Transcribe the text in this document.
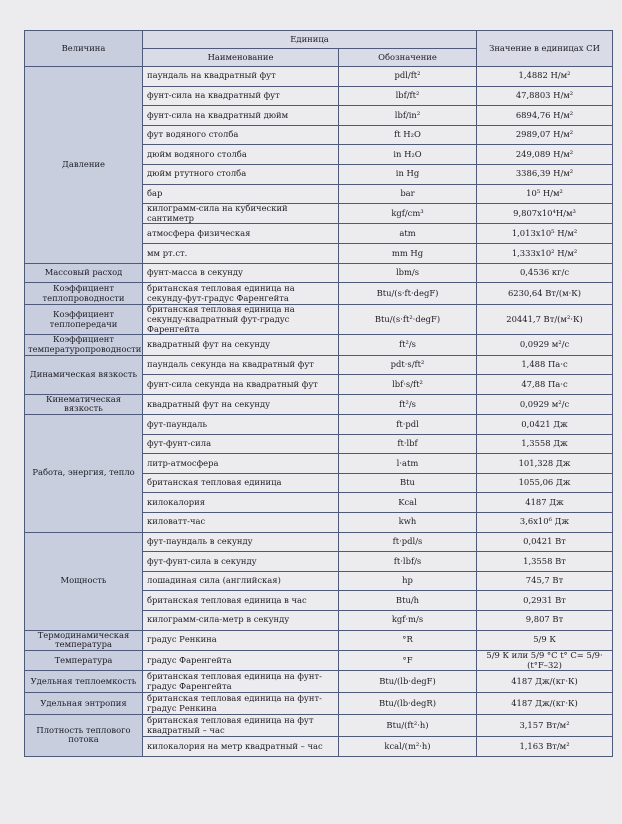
Величина	Единица		Значение в единицах СИ
	Наименование	Обозначение	
Давление	паундаль на квадратный фут	pdl/ft²	1,4882 Н/м²
	фунт-сила на квадратный фут	lbf/ft²	47,8803 Н/м²
	фунт-сила на квадратный дюйм	lbf/in²	6894,76 Н/м²
	фут водяного столба	ft H₂O	2989,07 Н/м²
	дюйм водяного столба	in H₂O	249,089 Н/м²
	дюйм ртутного столба	in Hg	3386,39 Н/м²
	бар	bar	10⁵ Н/м²
	килограмм-сила на кубический сантиметр	kgf/cm³	9,807x10⁴Н/м³
	атмосфера физическая	atm	1,013x10⁵ Н/м²
	мм рт.ст.	mm Hg	1,333x10² Н/м²
Массовый расход	фунт-масса в секунду	lbm/s	0,4536 кг/с
Коэффициент теплопроводности	британская тепловая единица на секунду-фут-градус Фаренгейта	Btu/(s·ft·degF)	6230,64 Вт/(м·К)
Коэффициент теплопередачи	британская тепловая единица на секунду-квадратный фут-градус Фаренгейта	Btu/(s·ft²·degF)	20441,7 Вт/(м²·К)
Коэффициент температуропроводности	квадратный фут на секунду	ft²/s	0,0929 м²/с
Динамическая вязкость	паундаль секунда на квадратный фут	pdt·s/ft²	1,488 Па·с
	фунт-сила секунда на квадратный фут	lbf·s/ft²	47,88 Па·с
Кинематическая вязкость	квадратный фут на секунду	ft²/s	0,0929 м²/с
Работа, энергия, тепло	фут-паундаль	ft·pdl	0,0421 Дж
	фут-фунт-сила	ft·lbf	1,3558 Дж
	литр-атмосфера	l·atm	101,328 Дж
	британская тепловая единица	Btu	1055,06 Дж
	килокалория	Kcal	4187 Дж
	киловатт-час	kwh	3,6x10⁶ Дж
Мощность	фут-паундаль в секунду	ft·pdl/s	0,0421 Вт
	фут-фунт-сила в секунду	ft·lbf/s	1,3558 Вт
	лошадиная сила (английская)	hp	745,7 Вт
	британская тепловая единица в час	Btu/h	0,2931 Вт
	килограмм-сила-метр в секунду	kgf·m/s	9,807 Вт
Термодинамическая температура	градус Ренкина	°R	5/9 К
Температура	градус Фаренгейта	°F	5/9 К или 5/9 °C t° C= 5/9· (t°F–32)
Удельная теплоемкость	британская тепловая единица на фунт-градус Фаренгейта	Btu/(lb·degF)	4187 Дж/(кг·К)
Удельная энтропия	британская тепловая единица на фунт-градус Ренкина	Btu/(lb·degR)	4187 Дж/(кг·К)
Плотность теплового потока	британская тепловая единица на фут квадратный – час	Btu/(ft²·h)	3,157 Вт/м²
	килокалория на метр квадратный – час	kcal/(m²·h)	1,163 Вт/м²
